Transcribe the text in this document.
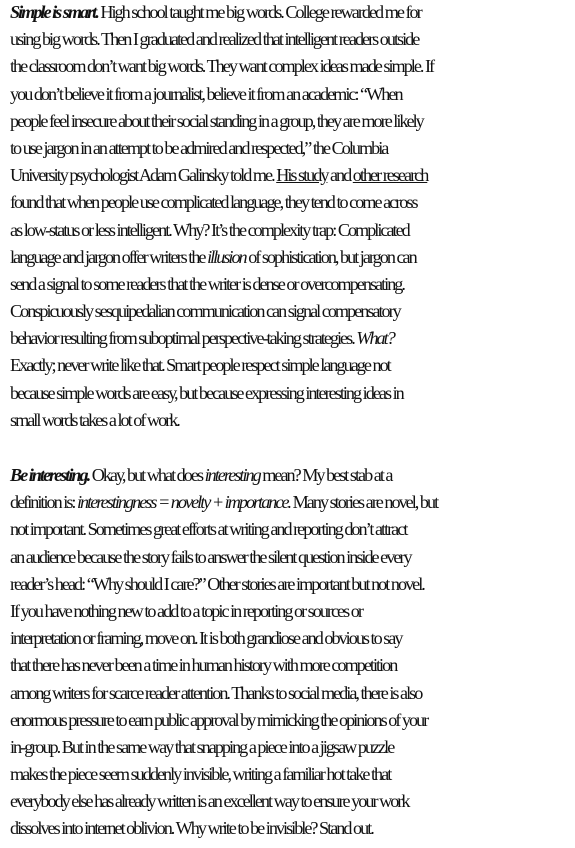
Simple is smart. High school taught me big words. College rewarded me for
using big words. Then I graduated and realized that intelligent readers outside
the classroom don’t want big words. They want complex ideas made simple. If
you don’t believe it from a journalist, believe it from an academic: “When
people feel insecure about their social standing in a group, they are more likely
to use jargon in an attempt to be admired and respected,” the Columbia
University psychologist Adam Galinsky told me. His study and other research
found that when people use complicated language, they tend to come across
as low-status or less intelligent. Why? It’s the complexity trap: Complicated
language and jargon offer writers the illusion of sophistication, but jargon can
send a signal to some readers that the writer is dense or overcompensating.
Conspicuously sesquipedalian communication can signal compensatory
behavior resulting from suboptimal perspective-taking strategies. What?
Exactly; never write like that. Smart people respect simple language not
because simple words are easy, but because expressing interesting ideas in
small words takes a lot of work.
Be interesting. Okay, but what does interesting mean? My best stab at a
definition is: interestingness = novelty + importance. Many stories are novel, but
not important. Sometimes great efforts at writing and reporting don’t attract
an audience because the story fails to answer the silent question inside every
reader’s head: “Why should I care?” Other stories are important but not novel.
If you have nothing new to add to a topic in reporting or sources or
interpretation or framing, move on. It is both grandiose and obvious to say
that there has never been a time in human history with more competition
among writers for scarce reader attention. Thanks to social media, there is also
enormous pressure to earn public approval by mimicking the opinions of your
in-group. But in the same way that snapping a piece into a jigsaw puzzle
makes the piece seem suddenly invisible, writing a familiar hot take that
everybody else has already written is an excellent way to ensure your work
dissolves into internet oblivion. Why write to be invisible? Stand out.
